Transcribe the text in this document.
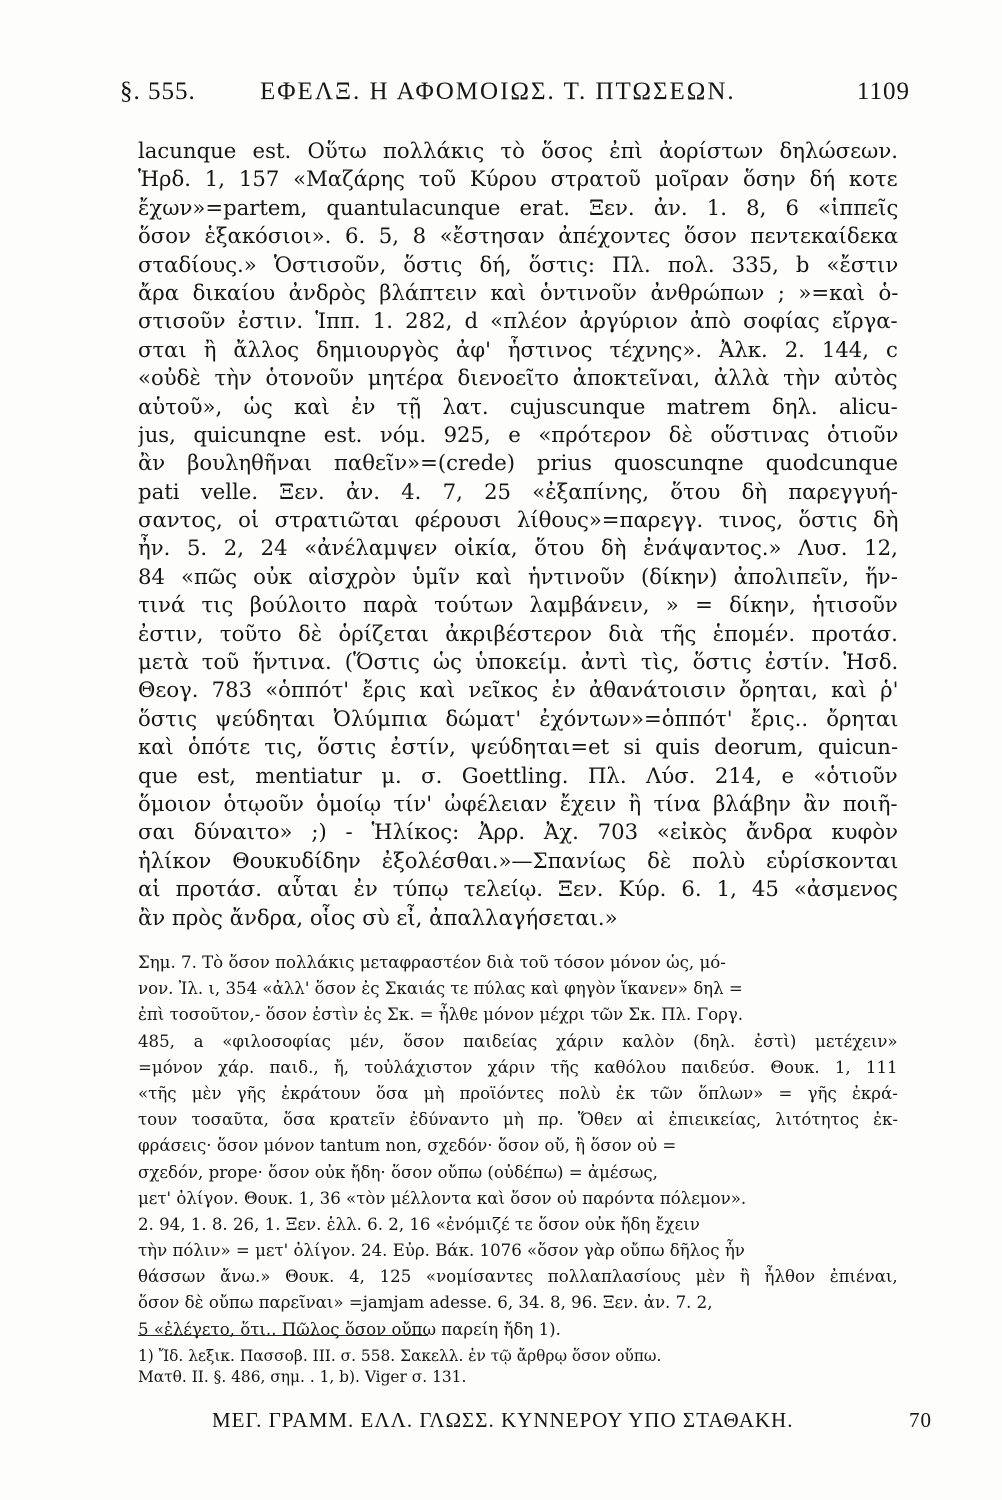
§. 555.	ΕΦΕΛΞ. Η ΑΦΟΜΟΙΩΣ. Τ. ΠΤΩΣΕΩΝ.	1109
lacunque est. Οὕτω πολλάκις τὸ ὅσος ἐπὶ ἀορίστων δηλώσεων.
Ἡρδ. 1, 157 «Μαζάρης τοῦ Κύρου στρατοῦ μοῖραν ὅσην δή κοτε
ἔχων»=partem, quantulacunque erat. Ξεν. ἀν. 1. 8, 6 «ἱππεῖς
ὅσον ἑξακόσιοι». 6. 5, 8 «ἔστησαν ἀπέχοντες ὅσον πεντεκαίδεκα
σταδίους.» Ὁστισοῦν, ὅστις δή, ὅστις: Πλ. πολ. 335, b «ἔστιν
ἄρα δικαίου ἀνδρὸς βλάπτειν καὶ ὁντινοῦν ἀνθρώπων ; »=καὶ ὁ-
στισοῦν ἐστιν. Ἱππ. 1. 282, d «πλέον ἀργύριον ἀπὸ σοφίας εἴργα-
σται ἢ ἄλλος δημιουργὸς ἀφ' ἧστινος τέχνης». Ἀλκ. 2. 144, c
«οὐδὲ τὴν ὁτονοῦν μητέρα διενοεῖτο ἀποκτεῖναι, ἀλλὰ τὴν αὐτὸς
αὑτοῦ», ὡς καὶ ἐν τῇ λατ. cujuscunque matrem δηλ. alicu-
jus, quicunqne est. νόμ. 925, e «πρότερον δὲ οὕστινας ὁτιοῦν
ἂν βουληθῆναι παθεῖν»=(crede) prius quoscunqne quodcunque
pati velle. Ξεν. ἀν. 4. 7, 25 «ἐξαπίνης, ὅτου δὴ παρεγγυή-
σαντος, οἱ στρατιῶται φέρουσι λίθους»=παρεγγ. τινος, ὅστις δὴ
ἦν. 5. 2, 24 «ἀνέλαμψεν οἰκία, ὅτου δὴ ἐνάψαντος.» Λυσ. 12,
84 «πῶς οὐκ αἰσχρὸν ὑμῖν καὶ ἡντινοῦν (δίκην) ἀπολιπεῖν, ἥν-
τινά τις βούλοιτο παρὰ τούτων λαμβάνειν, » = δίκην, ἡτισοῦν
ἐστιν, τοῦτο δὲ ὁρίζεται ἀκριβέστερον διὰ τῆς ἑπομέν. προτάσ.
μετὰ τοῦ ἥντινα. (Ὅστις ὡς ὑποκείμ. ἀντὶ τὶς, ὅστις ἐστίν. Ἡσδ.
Θεογ. 783 «ὁππότ' ἔρις καὶ νεῖκος ἐν ἀθανάτοισιν ὄρηται, καὶ ῥ'
ὅστις ψεύδηται Ὀλύμπια δώματ' ἐχόντων»=ὁππότ' ἔρις.. ὄρηται
καὶ ὁπότε τις, ὅστις ἐστίν, ψεύδηται=et si quis deorum, quicun-
que est, mentiatur μ. σ. Goettling. Πλ. Λύσ. 214, e «ὁτιοῦν
ὅμοιον ὁτῳοῦν ὁμοίῳ τίν' ὠφέλειαν ἔχειν ἢ τίνα βλάβην ἂν ποιῆ-
σαι δύναιτο» ;) - Ἡλίκος: Ἀρρ. Ἀχ. 703 «εἰκὸς ἄνδρα κυφὸν
ἡλίκον Θουκυδίδην ἐξολέσθαι.»—Σπανίως δὲ πολὺ εὑρίσκονται
αἱ προτάσ. αὗται ἐν τύπῳ τελείῳ. Ξεν. Κύρ. 6. 1, 45 «ἀσμενος
ἂν πρὸς ἄνδρα, οἷος σὺ εἶ, ἀπαλλαγήσεται.»
Σημ. 7. Τὸ ὅσον πολλάκις μεταφραστέον διὰ τοῦ τόσον μόνον ὡς, μό-
νον. Ἰλ. ι, 354 «ἀλλ' ὅσον ἐς Σκαιάς τε πύλας καὶ φηγὸν ἵκανεν» δηλ =
ἐπὶ τοσοῦτον,- ὅσον ἐστὶν ἐς Σκ. = ἦλθε μόνον μέχρι τῶν Σκ. Πλ. Γοργ.
485, a «φιλοσοφίας μέν, ὅσον παιδείας χάριν καλὸν (δηλ. ἐστὶ) μετέχειν»
=μόνον χάρ. παιδ., ἤ, τοὐλάχιστον χάριν τῆς καθόλου παιδεύσ. Θουκ. 1, 111
«τῆς μὲν γῆς ἐκράτουν ὅσα μὴ προϊόντες πολὺ ἐκ τῶν ὅπλων» = γῆς ἐκρά-
τουν τοσαῦτα, ὅσα κρατεῖν ἐδύναντο μὴ πρ. Ὅθεν αἱ ἐπιεικείας, λιτότητος ἐκ-
φράσεις· ὅσον μόνον tantum non, σχεδόν· ὅσον οὔ, ἢ ὅσον οὐ =
σχεδόν, prope· ὅσον οὐκ ἤδη· ὅσον οὔπω (οὐδέπω) = ἀμέσως,
μετ' ὀλίγον. Θουκ. 1, 36 «τὸν μέλλοντα καὶ ὅσον οὐ παρόντα πόλεμον».
2. 94, 1. 8. 26, 1. Ξεν. ἑλλ. 6. 2, 16 «ἐνόμιζέ τε ὅσον οὐκ ἤδη ἔχειν
τὴν πόλιν» = μετ' ὀλίγον. 24. Εὐρ. Βάκ. 1076 «ὅσον γὰρ οὔπω δῆλος ἦν
θάσσων ἄνω.» Θουκ. 4, 125 «νομίσαντες πολλαπλασίους μὲν ἢ ἦλθον ἐπιέναι,
ὅσον δὲ οὔπω παρεῖναι» =jamjam adesse. 6, 34. 8, 96. Ξεν. ἀν. 7. 2,
5 «ἐλέγετο, ὅτι.. Πῶλος ὅσον οὔπω παρείη ἤδη 1).
1) Ἴδ. λεξικ. Πασσοβ. III. σ. 558. Σακελλ. ἐν τῷ ἄρθρῳ ὅσον οὔπω.
Ματθ. II. §. 486, σημ. . 1, b). Viger σ. 131.
ΜΕΓ. ΓΡΑΜΜ. ΕΛΛ. ΓΛΩΣΣ. ΚΥΝΝΕΡΟΥ ΥΠΟ ΣΤΑΘΑΚΗ.	70
